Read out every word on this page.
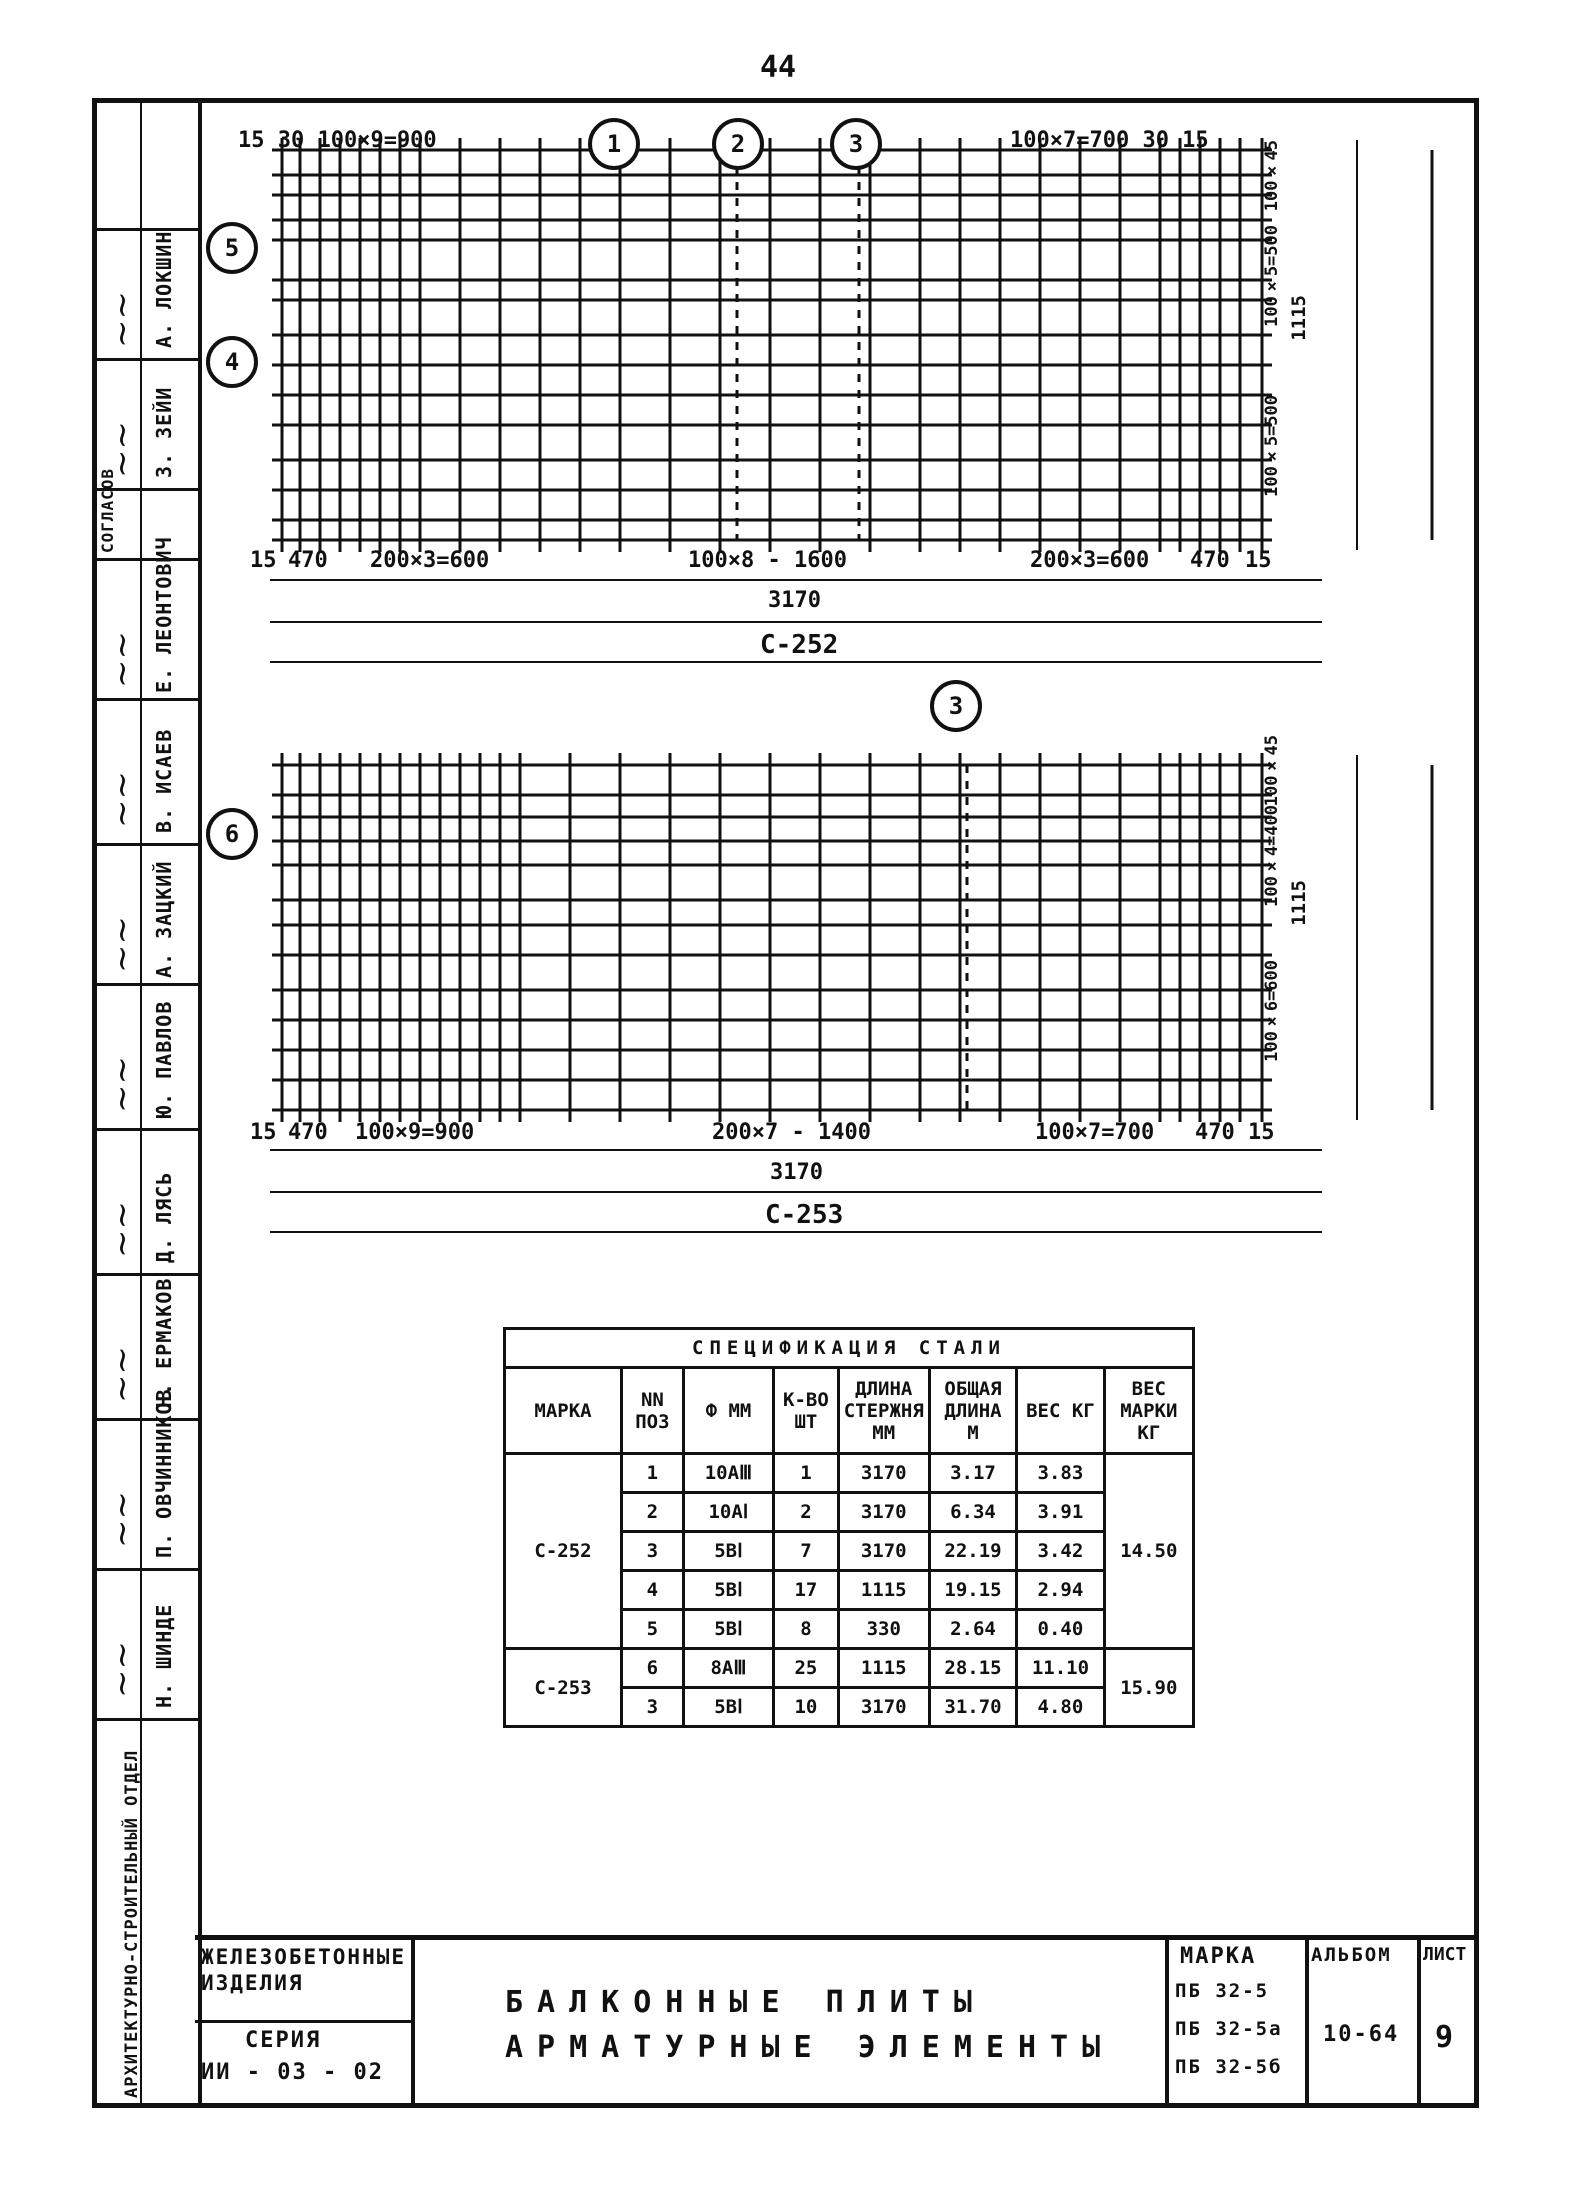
44
А. ЛОКШИН
~~
З. ЗЕЙИ
~~
СОГЛАСОВ
Е. ЛЕОНТОВИЧ
~~
В. ИСАЕВ
~~
А. ЗАЦКИЙ
~~
Ю. ПАВЛОВ
~~
Д. ЛЯСЬ
~~
Н. ЕРМАКОВ
~~
П. ОВЧИННИКОВ
~~
Н. ШИНДЕ
~~
АРХИТЕКТУРНО-СТРОИТЕЛЬНЫЙ ОТДЕЛ
15 30 100×9=900	100×7=700 30 15
1	2	3
5
4
15 470 200×3=600	100×8 - 1600	200×3=600 470 15
3170
С-252
100×45
100×5=500 1115
100×5=500
3
6
15 470 100×9=900	200×7 - 1400	100×7=700 470 15
3170
С-253
100×45
100×4=400 1115
100×6=600
СПЕЦИФИКАЦИЯ СТАЛИ							
МАРКА	NN ПОЗ	Ф ММ	К-ВО ШТ	ДЛИНА СТЕРЖНЯ ММ	ОБЩАЯ ДЛИНА М	ВЕС КГ	ВЕС МАРКИ КГ
С-252	1	10АⅢ	1	3170	3.17	3.83	14.50
	2	10АⅠ	2	3170	6.34	3.91	
	3	5ВⅠ	7	3170	22.19	3.42	
	4	5ВⅠ	17	1115	19.15	2.94	
	5	5ВⅠ	8	330	2.64	0.40	
С-253	6	8АⅢ	25	1115	28.15	11.10	15.90
	3	5ВⅠ	10	3170	31.70	4.80	
ЖЕЛЕЗОБЕТОННЫЕ ИЗДЕЛИЯ
СЕРИЯ
ИИ - 03 - 02
БАЛКОННЫЕ ПЛИТЫ
АРМАТУРНЫЕ ЭЛЕМЕНТЫ
МАРКА
ПБ 32-5
ПБ 32-5а
ПБ 32-5б
АЛЬБОМ
10-64
ЛИСТ
9
